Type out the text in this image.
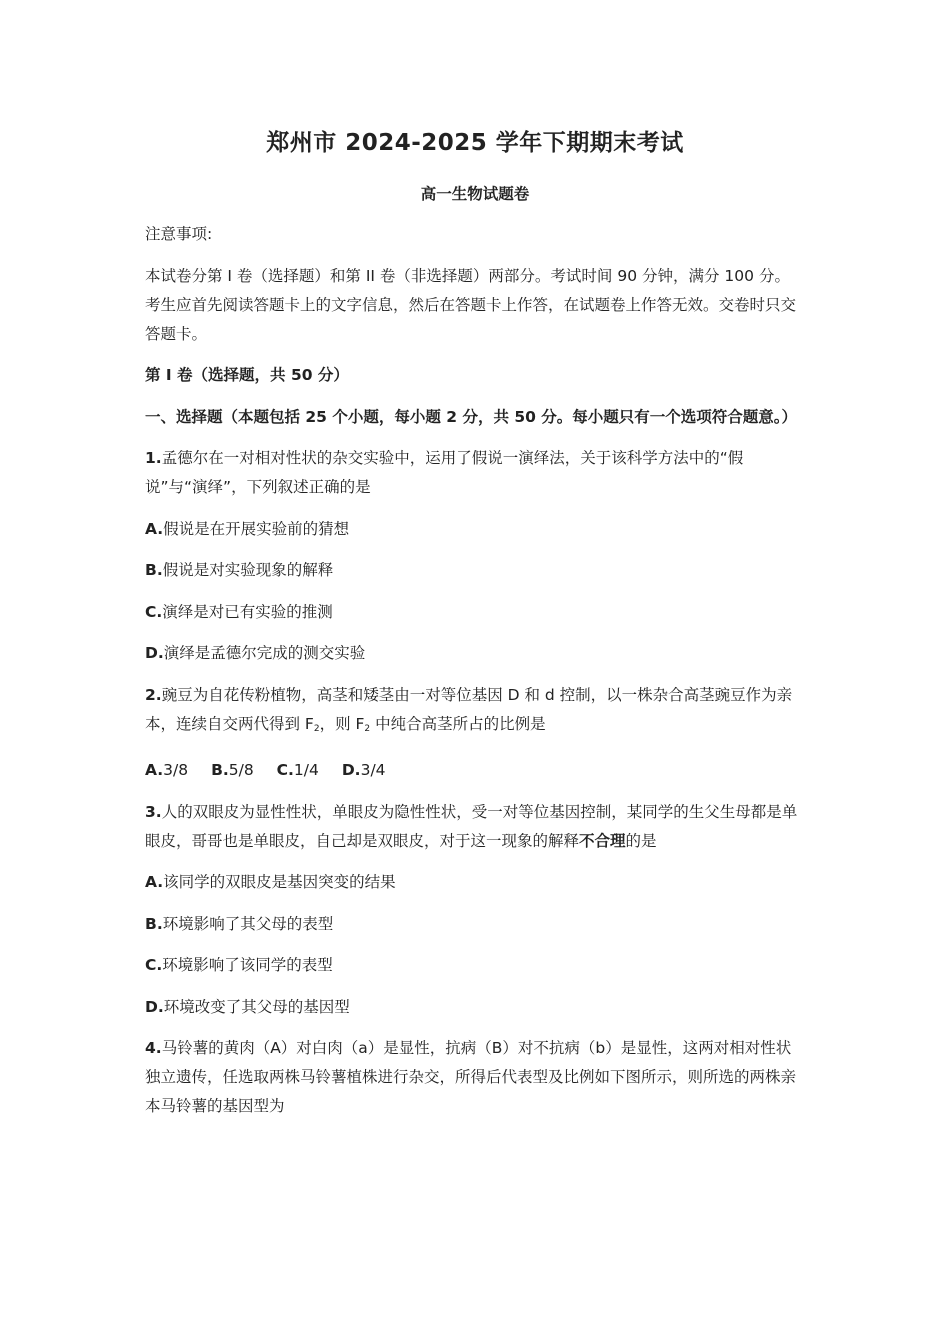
郑州市 2024-2025 学年下期期末考试
高一生物试题卷

注意事项:

本试卷分第 I 卷（选择题）和第 II 卷（非选择题）两部分。考试时间 90 分钟，满分 100 分。考生应首先阅读答题卡上的文字信息，然后在答题卡上作答，在试题卷上作答无效。交卷时只交答题卡。

第 I 卷（选择题，共 50 分）

一、选择题（本题包括 25 个小题，每小题 2 分，共 50 分。每小题只有一个选项符合题意。）

1.孟德尔在一对相对性状的杂交实验中，运用了假说一演绎法，关于该科学方法中的“假说”与“演绎”，下列叙述正确的是

A.假说是在开展实验前的猜想

B.假说是对实验现象的解释

C.演绎是对已有实验的推测

D.演绎是孟德尔完成的测交实验

2.豌豆为自花传粉植物，高茎和矮茎由一对等位基因 D 和 d 控制，以一株杂合高茎豌豆作为亲本，连续自交两代得到 $F_2$，则 $F_2$ 中纯合高茎所占的比例是

A.3/8 B.5/8 C.1/4 D.3/4

3.人的双眼皮为显性性状，单眼皮为隐性性状，受一对等位基因控制，某同学的生父生母都是单眼皮，哥哥也是单眼皮，自己却是双眼皮，对于这一现象的解释不合理的是

A.该同学的双眼皮是基因突变的结果

B.环境影响了其父母的表型

C.环境影响了该同学的表型

D.环境改变了其父母的基因型

4.马铃薯的黄肉（A）对白肉（a）是显性，抗病（B）对不抗病（b）是显性，这两对相对性状独立遗传，任选取两株马铃薯植株进行杂交，所得后代表型及比例如下图所示，则所选的两株亲本马铃薯的基因型为
